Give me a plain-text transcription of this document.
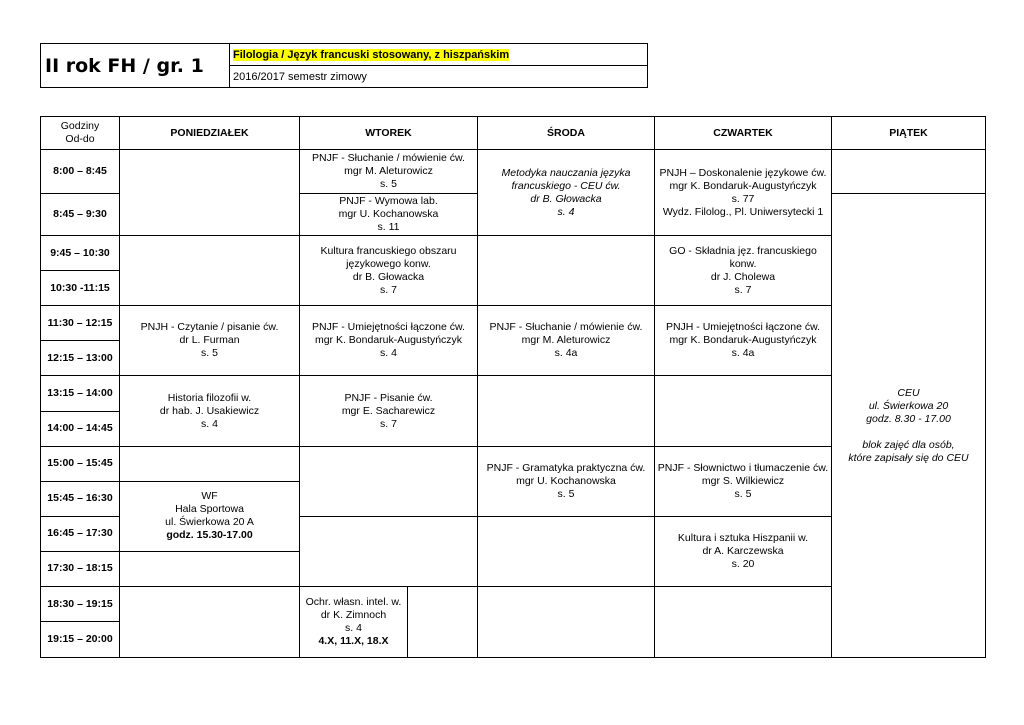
II rok FH / gr. 1	Filologia / Język francuski stosowany, z hiszpańskim
2016/2017 semestr zimowy
Godziny
Od-do	PONIEDZIAŁEK	WTOREK	ŚRODA	CZWARTEK	PIĄTEK	
8:00 – 8:45		PNJF - Słuchanie / mówienie ćw.
mgr M. Aleturowicz
s. 5	Metodyka nauczania języka
francuskiego - CEU ćw.
dr B. Głowacka
s. 4	PNJH – Doskonalenie językowe ćw.
mgr K. Bondaruk-Augustyńczyk
s. 77
Wydz. Filolog., Pl. Uniwersytecki 1		

8:45 – 9:30		PNJF - Wymowa lab.
mgr U. Kochanowska
s. 11			CEU
ul. Świerkowa 20
godz. 8.30 - 17.00

blok zajęć dla osób,
które zapisały się do CEU	

9:45 – 10:30		Kultura francuskiego obszaru
językowego konw.
dr B. Głowacka
s. 7		GO - Składnia jęz. francuskiego konw.
dr J. Cholewa
s. 7		

10:30 -11:15						
11:30 – 12:15	PNJH - Czytanie / pisanie ćw.
dr L. Furman
s. 5	PNJF - Umiejętności łączone ćw.
mgr K. Bondaruk-Augustyńczyk
s. 4	PNJF - Słuchanie / mówienie ćw.
mgr M. Aleturowicz
s. 4a	PNJH - Umiejętności łączone ćw.
mgr K. Bondaruk-Augustyńczyk
s. 4a		

12:15 – 13:00						
13:15 – 14:00	Historia filozofii w.
dr hab. J. Usakiewicz
s. 4	PNJF - Pisanie ćw.
mgr E. Sacharewicz
s. 7				

14:00 – 14:45						
15:00 – 15:45			PNJF - Gramatyka praktyczna ćw.
mgr U. Kochanowska
s. 5	PNJF - Słownictwo i tłumaczenie ćw.
mgr S. Wilkiewicz
s. 5		

15:45 – 16:30	WF
Hala Sportowa
ul. Świerkowa 20 A
godz. 15.30-17.00					

16:45 – 17:30				Kultura i sztuka Hiszpanii w.
dr A. Karczewska
s. 20		

17:30 – 18:15						
18:30 – 19:15		Ochr. własn. intel. w.
dr K. Zimnoch
s. 4
4.X, 11.X, 18.X				

19:15 – 20:00						
